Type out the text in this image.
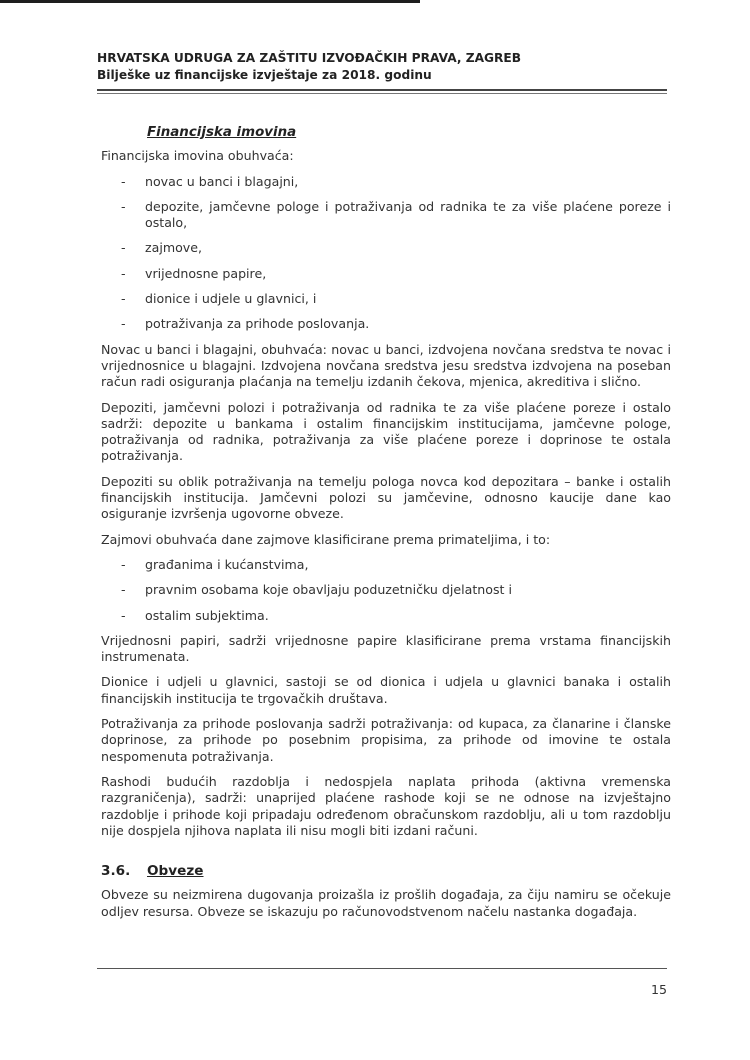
HRVATSKA UDRUGA ZA ZAŠTITU IZVOĐAČKIH PRAVA, ZAGREB
Bilješke uz financijske izvještaje za 2018. godinu
Financijska imovina

Financijska imovina obuhvaća:

- novac u banci i blagajni,
- depozite, jamčevne pologe i potraživanja od radnika te za više plaćene poreze i ostalo,
- zajmove,
- vrijednosne papire,
- dionice i udjele u glavnici, i
- potraživanja za prihode poslovanja.

Novac u banci i blagajni, obuhvaća: novac u banci, izdvojena novčana sredstva te novac i vrijednosnice u blagajni. Izdvojena novčana sredstva jesu sredstva izdvojena na poseban račun radi osiguranja plaćanja na temelju izdanih čekova, mjenica, akreditiva i slično.

Depoziti, jamčevni polozi i potraživanja od radnika te za više plaćene poreze i ostalo sadrži: depozite u bankama i ostalim financijskim institucijama, jamčevne pologe, potraživanja od radnika, potraživanja za više plaćene poreze i doprinose te ostala potraživanja.

Depoziti su oblik potraživanja na temelju pologa novca kod depozitara – banke i ostalih financijskih institucija. Jamčevni polozi su jamčevine, odnosno kaucije dane kao osiguranje izvršenja ugovorne obveze.

Zajmovi obuhvaća dane zajmove klasificirane prema primateljima, i to:

- građanima i kućanstvima,
- pravnim osobama koje obavljaju poduzetničku djelatnost i
- ostalim subjektima.

Vrijednosni papiri, sadrži vrijednosne papire klasificirane prema vrstama financijskih instrumenata.

Dionice i udjeli u glavnici, sastoji se od dionica i udjela u glavnici banaka i ostalih financijskih institucija te trgovačkih društava.

Potraživanja za prihode poslovanja sadrži potraživanja: od kupaca, za članarine i članske doprinose, za prihode po posebnim propisima, za prihode od imovine te ostala nespomenuta potraživanja.

Rashodi budućih razdoblja i nedospjela naplata prihoda (aktivna vremenska razgraničenja), sadrži: unaprijed plaćene rashode koji se ne odnose na izvještajno razdoblje i prihode koji pripadaju određenom obračunskom razdoblju, ali u tom razdoblju nije dospjela njihova naplata ili nisu mogli biti izdani računi.

3.6. Obveze

Obveze su neizmirena dugovanja proizašla iz prošlih događaja, za čiju namiru se očekuje odljev resursa. Obveze se iskazuju po računovodstvenom načelu nastanka događaja.

15
